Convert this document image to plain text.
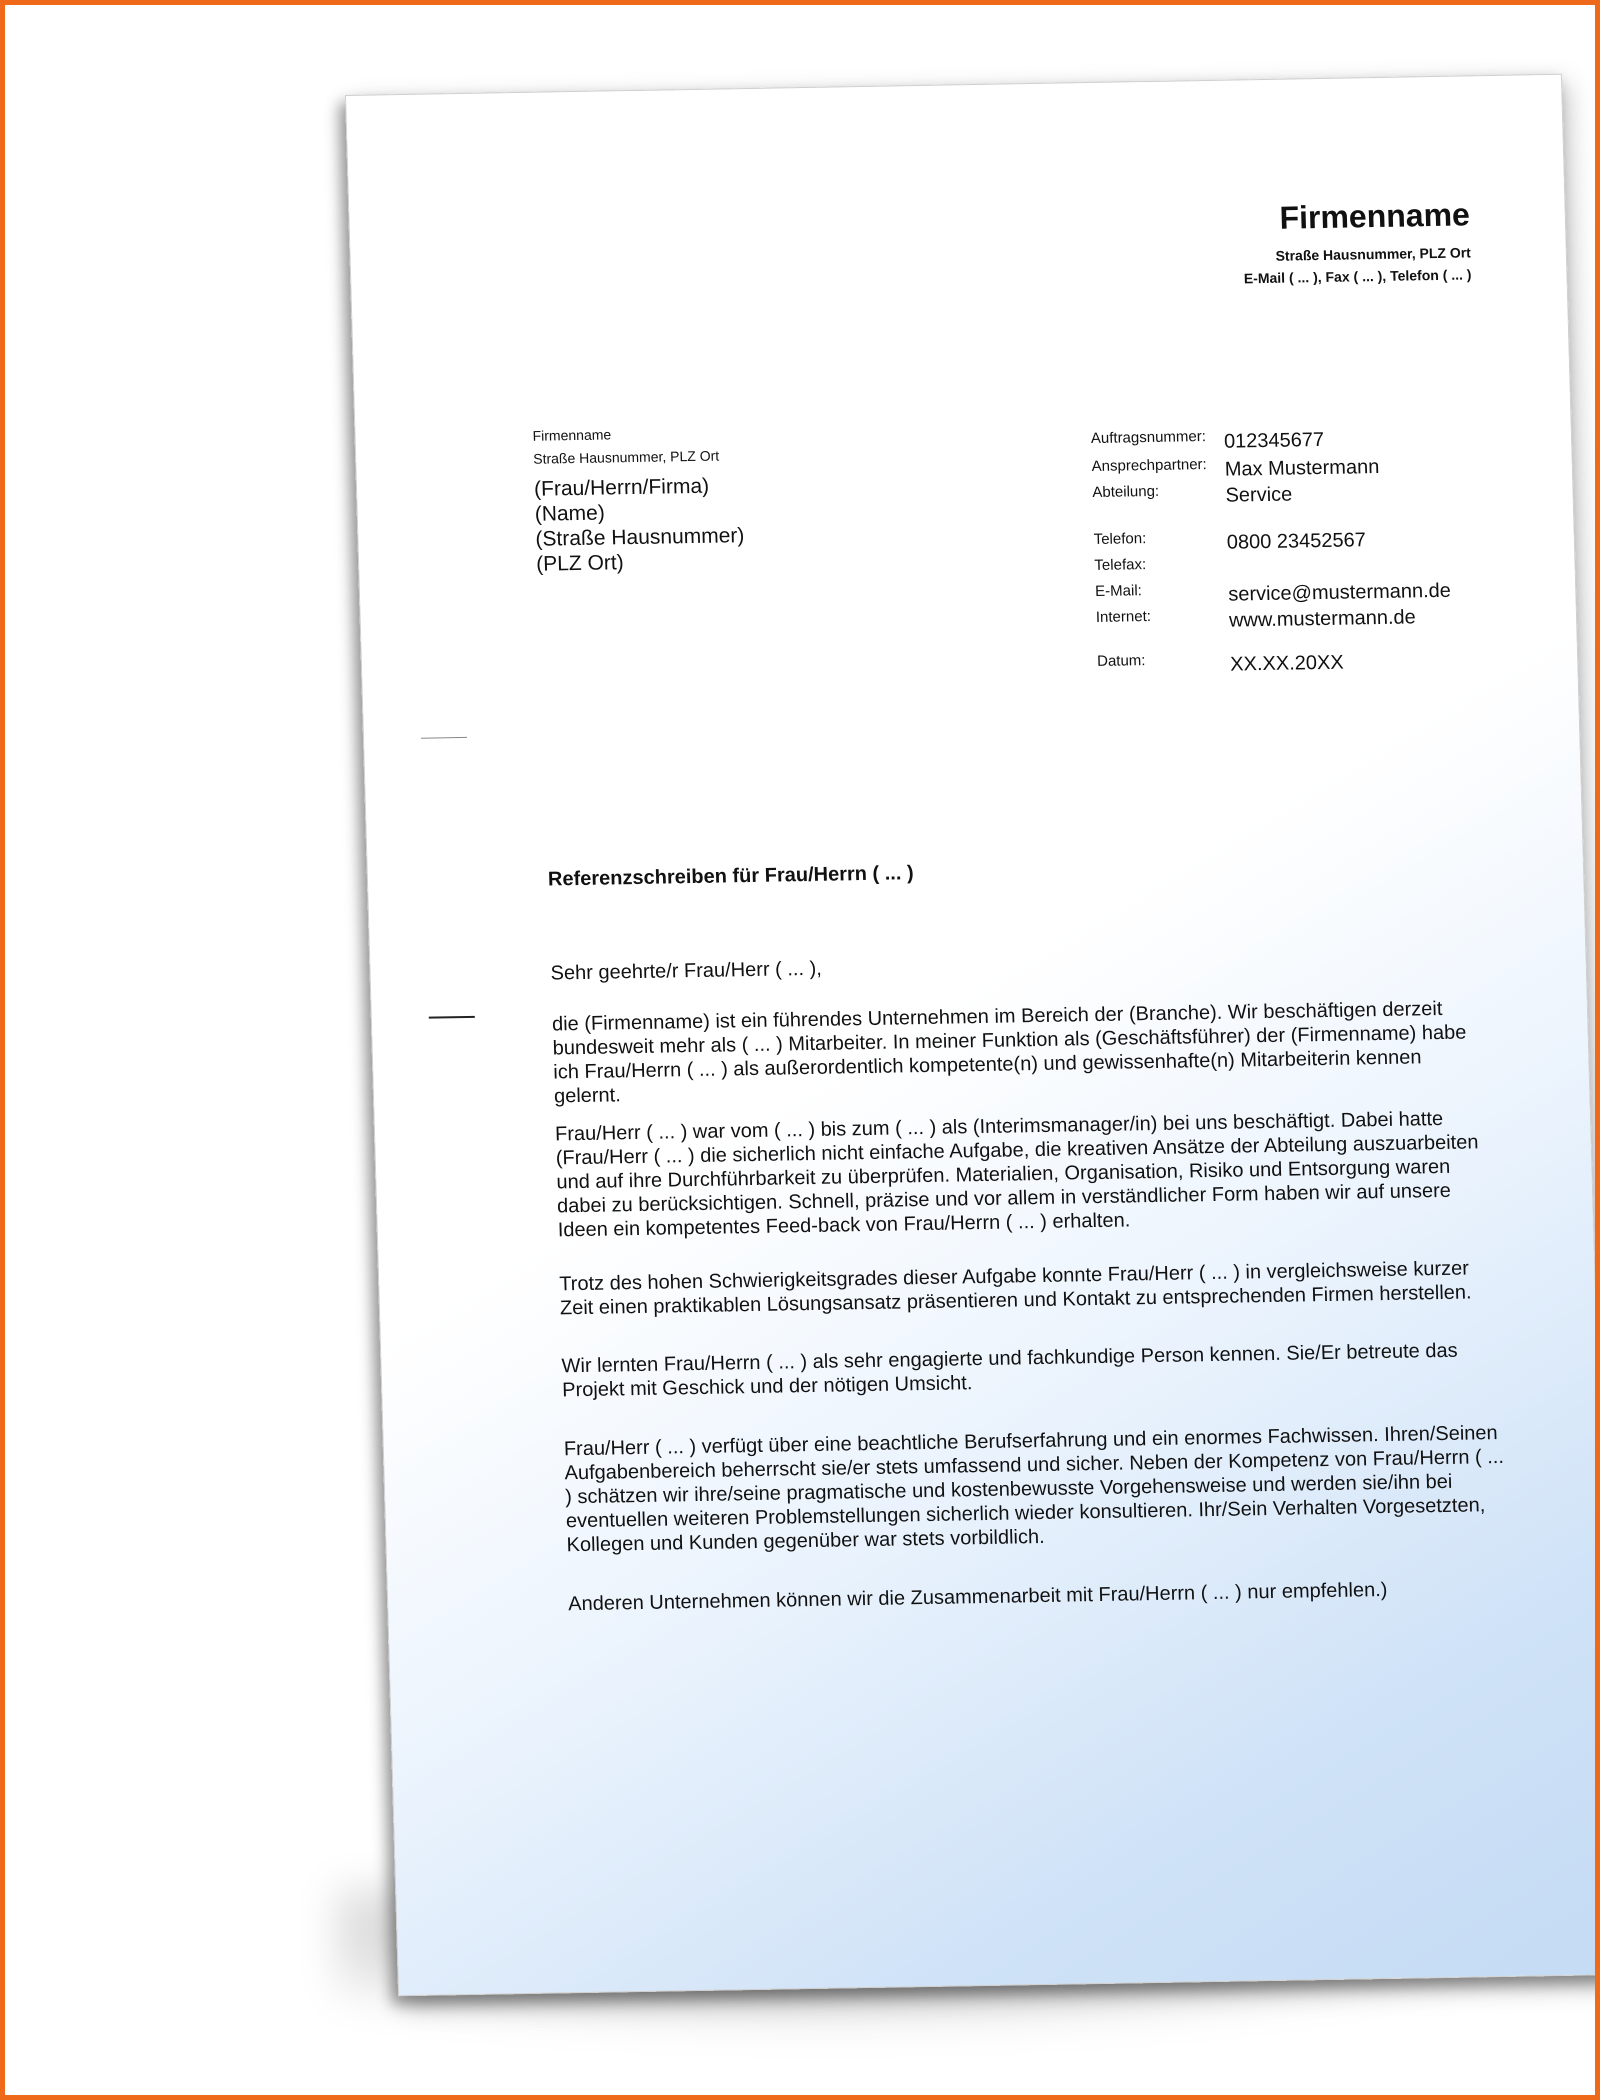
Firmenname
Straße Hausnummer, PLZ Ort
E-Mail ( ... ), Fax ( ... ), Telefon ( ... )
Firmenname
Straße Hausnummer, PLZ Ort
(Frau/Herrn/Firma)
(Name)
(Straße Hausnummer)
(PLZ Ort)
Auftragsnummer: 012345677
Ansprechpartner: Max Mustermann
Abteilung:	Service
Telefon:	0800 23452567
Telefax:
E-Mail:	service@mustermann.de
Internet:	www.mustermann.de
Datum:	XX.XX.20XX
Referenzschreiben für Frau/Herrn ( ... )
Sehr geehrte/r Frau/Herr ( ... ),

die (Firmenname) ist ein führendes Unternehmen im Bereich der (Branche). Wir beschäftigen derzeit bundesweit mehr als ( ... ) Mitarbeiter. In meiner Funktion als (Geschäftsführer) der (Firmenname) habe ich Frau/Herrn ( ... ) als außerordentlich kompetente(n) und gewissenhafte(n) Mitarbeiterin kennen gelernt.

Frau/Herr ( ... ) war vom ( ... ) bis zum ( ... ) als (Interimsmanager/in) bei uns beschäftigt. Dabei hatte (Frau/Herr ( ... ) die sicherlich nicht einfache Aufgabe, die kreativen Ansätze der Abteilung auszuarbeiten und auf ihre Durchführbarkeit zu überprüfen. Materialien, Organisation, Risiko und Entsorgung waren dabei zu berücksichtigen. Schnell, präzise und vor allem in verständlicher Form haben wir auf unsere Ideen ein kompetentes Feed-back von Frau/Herrn ( ... ) erhalten.

Trotz des hohen Schwierigkeitsgrades dieser Aufgabe konnte Frau/Herr ( ... ) in vergleichsweise kurzer Zeit einen praktikablen Lösungsansatz präsentieren und Kontakt zu entsprechenden Firmen herstellen.

Wir lernten Frau/Herrn ( ... ) als sehr engagierte und fachkundige Person kennen. Sie/Er betreute das Projekt mit Geschick und der nötigen Umsicht.

Frau/Herr ( ... ) verfügt über eine beachtliche Berufserfahrung und ein enormes Fachwissen. Ihren/Seinen Aufgabenbereich beherrscht sie/er stets umfassend und sicher. Neben der Kompetenz von Frau/Herrn ( ... ) schätzen wir ihre/seine pragmatische und kostenbewusste Vorgehensweise und werden sie/ihn bei eventuellen weiteren Problemstellungen sicherlich wieder konsultieren. Ihr/Sein Verhalten Vorgesetzten, Kollegen und Kunden gegenüber war stets vorbildlich.

Anderen Unternehmen können wir die Zusammenarbeit mit Frau/Herrn ( ... ) nur empfehlen.)
